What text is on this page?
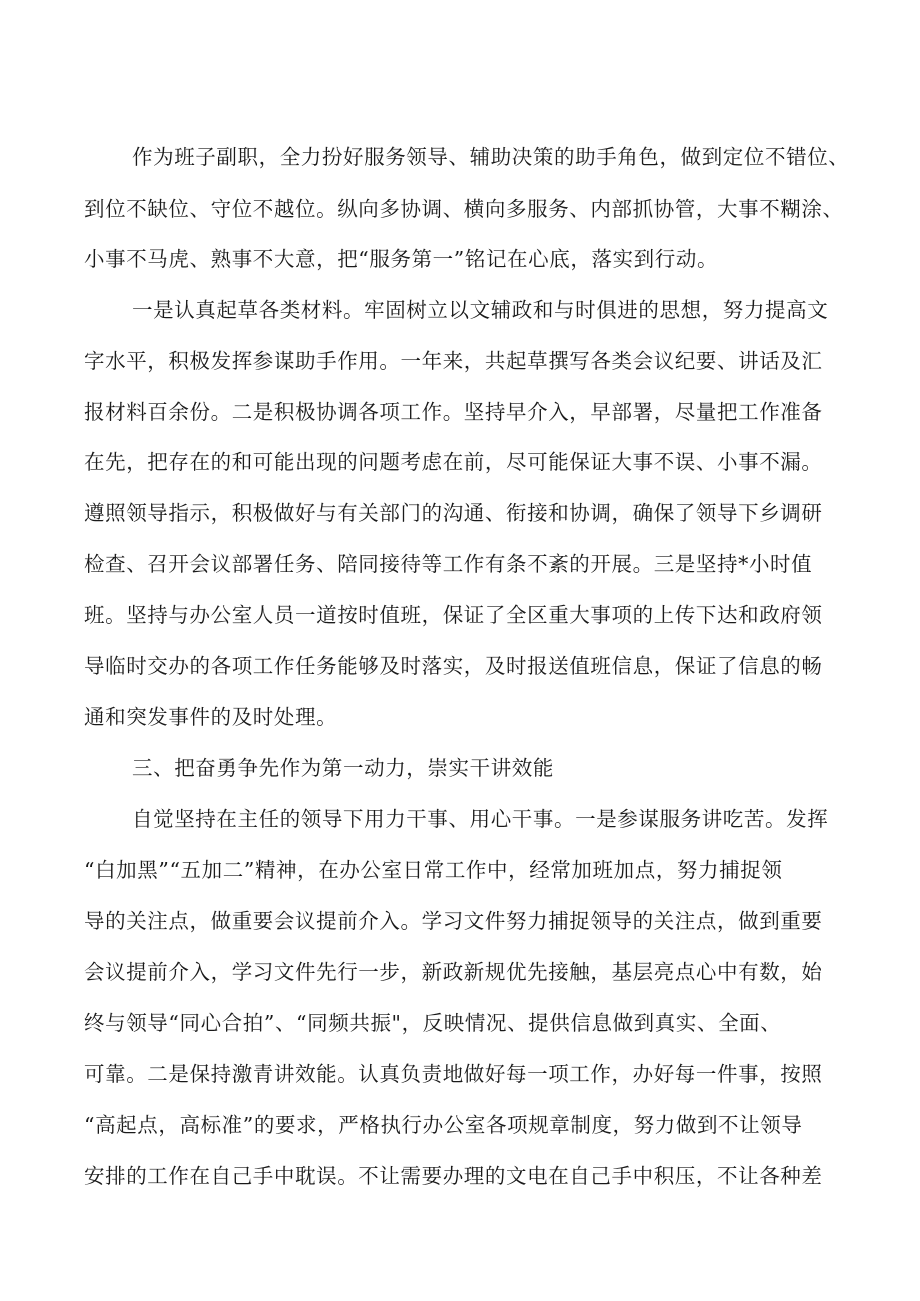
作为班子副职，全力扮好服务领导、辅助决策的助手角色，做到定位不错位、

到位不缺位、守位不越位。纵向多协调、横向多服务、内部抓协管，大事不糊涂、

小事不马虎、熟事不大意，把“服务第一”铭记在心底，落实到行动。

一是认真起草各类材料。牢固树立以文辅政和与时俱进的思想，努力提高文

字水平，积极发挥参谋助手作用。一年来，共起草撰写各类会议纪要、讲话及汇

报材料百余份。二是积极协调各项工作。坚持早介入，早部署，尽量把工作准备

在先，把存在的和可能出现的问题考虑在前，尽可能保证大事不误、小事不漏。

遵照领导指示，积极做好与有关部门的沟通、衔接和协调，确保了领导下乡调研

检查、召开会议部署任务、陪同接待等工作有条不紊的开展。三是坚持*小时值

班。坚持与办公室人员一道按时值班，保证了全区重大事项的上传下达和政府领

导临时交办的各项工作任务能够及时落实，及时报送值班信息，保证了信息的畅

通和突发事件的及时处理。

三、把奋勇争先作为第一动力，崇实干讲效能

自觉坚持在主任的领导下用力干事、用心干事。一是参谋服务讲吃苦。发挥

“白加黑”“五加二”精神，在办公室日常工作中，经常加班加点，努力捕捉领

导的关注点，做重要会议提前介入。学习文件努力捕捉领导的关注点，做到重要

会议提前介入，学习文件先行一步，新政新规优先接触，基层亮点心中有数，始

终与领导“同心合拍”、“同频共振"，反映情况、提供信息做到真实、全面、

可靠。二是保持激青讲效能。认真负责地做好每一项工作，办好每一件事，按照

“高起点，高标准”的要求，严格执行办公室各项规章制度，努力做到不让领导

安排的工作在自己手中耽误。不让需要办理的文电在自己手中积压，不让各种差
